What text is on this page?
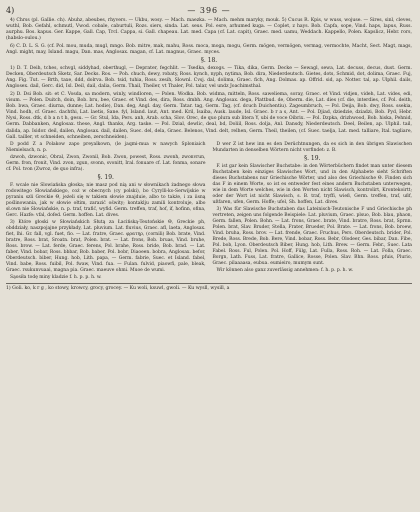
4)	— 396 —

4) Chrss (pl. Gallie. ch). Abuhz, abeubes, rhyvers. — Ukbu, wosy. — Mach. maezka. — Mach. mehm maryky, mouk. 5) Cucus R. Kpis, w wuss, wojuse. — Sires, sinl, cleves, wuthl, Bob. Gefahl, schmutl, Vwod. cobale, caburtuli, Rozs. siers, sinda. Lat. seus. Pol. esre, arhumed kuga. — Coplet, z hays. Bob. Capfa, sope, Vind. haps, lapus, Russ. aurphu. Bos. kapus. Ger. Kappe, Gall. Cap, Trcl. Cappa, si. Gall. chapeau. Lat. med. Capa (cf. Lat. capit), Graec. med. uamu, Weddach. Kappello, Polen. Kapslicz, Hebr. rors, (habslo-oulou.)

6) C. D. L. S. G. (cf. Pol. mou, muda, mugl, mngo. Bob. mitre, mak, mahu, Ross. moca, moga, mogu, Germ. mögen, vermögen, vermag, vermochte, Macht, Sect. Magt, mags, Angl. might, may, Island. magu, Dan. mas, Anglosax. magan, cf. Lat. magnus, Graec. myces.

§. 18.

1) D. T. Deih, tches, schvgl, siddyhad, oberthugl, — Deprater, fegchlit. — Tsedka, dexogs. — Tika, dika, Germ. Decke — Sewagl, sewa, Lat. decuss, decus, dust. Germ. Decken, Oberdeutsch Sketz, Sar. Decks. Ros. — Poh. chuch, dewy, robaty, Ross. kynch, nyph, nytima, Bob. dira, Niederdeutsch. Gietes, dots, Schmid, dot, dolima, Graec. Fuj, Ang. Fig. Tut. — Brth, taxe, ddd, dolrva. Bob. tsid, tuhia, Ross. zesih, Slownl. Cvsj. dal, dolima, Graec. fich, Ang. Dolmas. ap. Offrid. sid, ap. Notter. tal, ap. Ulphil. dails, Anglosex. dail, Gerc. did, Isl. Deil, dail, dalia, Germ. Thail, Theiler, vt Thaler, Pol. talar, vel undz Joachimsthal.

2) D. Dsi Bob. sit: et C. Vosda, sa modern, winly, windloren, — Polen. Wodka. Bob. widma, mitteln, Ross. saweliema, soray, Graec. et Vind. vidjen, videh, Lat. vides, edi, visum. — Polen. Duitch, doin, Bob. bru, bee, Graec. et Vind. des, dira, Ross. dmbh. Ang. Anglosax. dega, Plattbud. de, Oberm. die, Lat. dies (cf. die, interdies, cf. Pol. deith, Bob. bwa, Graec. diurna, dunne; Lat. hodie), Dan. deg, Angl. day, Germ. Tatar. tag, Germ. Tag, (cf. dcuch Duichentiu). Zageumbruch, — Pol. Deija, Bob. dwy, Ross. ssekia, Vind. hodh, cf. Graec. dachthi, Lat. laetis, Sane. fyl, Island. laut, Ant. med. Kril, Isaiba, Ausk. laude, Isl. Graec. b r a s, Ant. — Pol. Djiad, dziedzie, dziadzi, Bob. Pyd, Hebr. Nysi, Ross. dtk, d b a n t h, gesu. — Gr. Stul, Ida, Pers. anh, Arab. scha, Slov. Orec, de quo plura sub litera Y, ubi de voce Oibrix. — Pol. Dzpka, drizhwood, Bob. hiska, Pehnid, Germ. Dabbanken, Anglosax. these, Angl. thanks, Arg. taske. — Pol. Dzial, dewlic, deal, bd, Doliil, Ross. dolja, Anl. Dansdy, Niederdeutsch. Deel, Beilen, ap. Ulphil. tail, dalida, ap. Isidor. deil, dailen, Anglosax. dail, dailen, Suec. del, dela, Graec. Belenos, Vind. delt, relhen, Germ. Theil, theilen, (cf. Suec. taelja, Lat. med. talliare, Ital. tagliare, Gall. tailler, vt schneiden, schneiben, zerschneiden).

D podd Z a Polakow zapo preyalkown, (le jaqmi-mua w nawych Sploniaich Niemielsach, n. p.

dzwoh, dzwonic, Obral, Zwon, Zwonil, Bob. Zwon, powest, Ross. zwonh, zwonvrun, Germ. fron, fronit, Vind. zvon, zgun, svonn, svonitt, Iral. fonuare cf. Lat. fonma, sonare cf. Pol. tvon (Zwroz, de quo infra).

§. 19.

F. wcale nie Slowiańska głoska; nie masz pod nią ani w słownikach żadnego słowa rodowitego Słowiańskiego, coż w obecnych (cy polski), bo Cyrylli-ko-Serwijskie w pyraniu szli Greckie Θ, jeżeli się w takiem słowie znajduie, albo to także, i za iisną poślinowania, jak w słowie ołtim, zarazić oświty; kontaklju zamili kontroluje, albo sł.own nie Slowiańskie, n. p. traf, trafić, wyfid. Germ. treffen, traf, hof, if, hofinn, ofina, Gerc. Hazfe: vfal, dofed. Germ. hoffen. Lat. dives.

3) Które głoski w Słowiańskich Słutą za Łacińską-Teutońskie Θ, Greckie ph, obddziały, naszpojajne przykłady, Lat. pluvium. Lat. fluvius, Graec. afl, laeta, Anglosax. fiet, lhi. Gr. fall, vgl. fuet, fio. — Lat. fratre, Graec. φρατηρ, (cornili) Bob. brate, Vind. bratre, Ross. brat, Sroatn. brat, Polen. brat. — Lat. frons, Bob. bruas, Vind. bruhe, Ross. brow. — Lat. ferde, Graec. ferens, Pol. brahe, Ross. bride, Bob. brad. — Lat. faber, Vind. bobar, Ross. bbbar, Bob. baber, Pol. bobr, Diaoeen. bobra, Anglosax. befor, Oberdeutsch. biber, Hung. hob, Lith. papa, — Germ. fabrie, Suec. et Island. fabel, Vind. babe, Ross. fuibil, Pol. fwaw, Vind. fua. — Fulan. fulvid, piaowfi, pale, bleak, Graec. rsukunvuaai, magna pia. Graec. maeuve ohmi. Muoe de wumi.

Sąosiła todę miny kladzie f. h. p. p. h. w.

D wer Z ist hew inn es den Derüchtnungen, da es sich in den übrigen Slawischen Mundarten in denselben Wörtern nicht vorfindet: z. B.

§. 19.

F. ist gar kein Slawischer Buchstabe: in den Wörterbüchern findet man unter diesem Buchstaben kein einziges Slawisches Wort, und in den Alphabete sieht Schriften dieses Buchstabens nur Griechische Wörter, und also des Griechische Θ. Finden sich das F in einem Worte, so ist es entweder fest eines andern Buchstaben unterwegen, wie in dem Worte welches, wie in den Worten nicht Slawisch, kontrolirt, Krontekoirtt; oder der Wort ist nicht Slawisch, s. B. traf, tryffi, wieß, Germ. treffen, traf, ußf, ußfaren, ufen, Germ. Hoffe; ufel, Sh. hoffen, Lat. dives.

3) Was für Slawische Buchstaben das Lateinisch-Teutonische F und Griechische ph vertreten, zeigen uns folgende Beispiele: Lat. pluvium, Graec. plsuo, Bob. blau, phaon, Germ. fallen, Polen. Bohn. — Lat. frons, Graec. brate, Vind. bratre, Ross. brat, Sprnn. Polen. brat, Slav. Bruder, Stella, Frater, Brueder, Pol. Brate. — Lat. frons, Bob. broew, Vind. bruha, Ross. brov. — Lat. frende, Graec. Fruchus, Pers. Oberdeutsch. brider, Pol. Brede, Ross. Brede, Bob. Bere, Vind. bobar, Ross. Bebr, Olodeer, Ges. bibar, Dan. Fibe, Pol. bob, Lyon. Oberdeutsch Biber, Hung. hob, Lith. Brew. — Germ. Febr., Suec. Lata Fabel. Ross. Ful, Polen. Pol. Hoff, Fülg, Lat. Fulla, Ross. Roh. — Lat. Folla, Graec. Borgn, Lath. Fuss, Lat. fratre, Gallice, Rosse, Polen. Slav. Bhn. Ross. pfuis, Plurio, Graec. pilaaaasa, eubua. eumieiro, mumym sunt.

Wir können also ganz zuverlässig annehmen: f. h. p. p. h. w.

1) Goli. ko, k r g , ko stowy, krowcy, grocy, grocey. — Ku woli, ksuwl, gwoli. — Ku wysll, wysill, a
